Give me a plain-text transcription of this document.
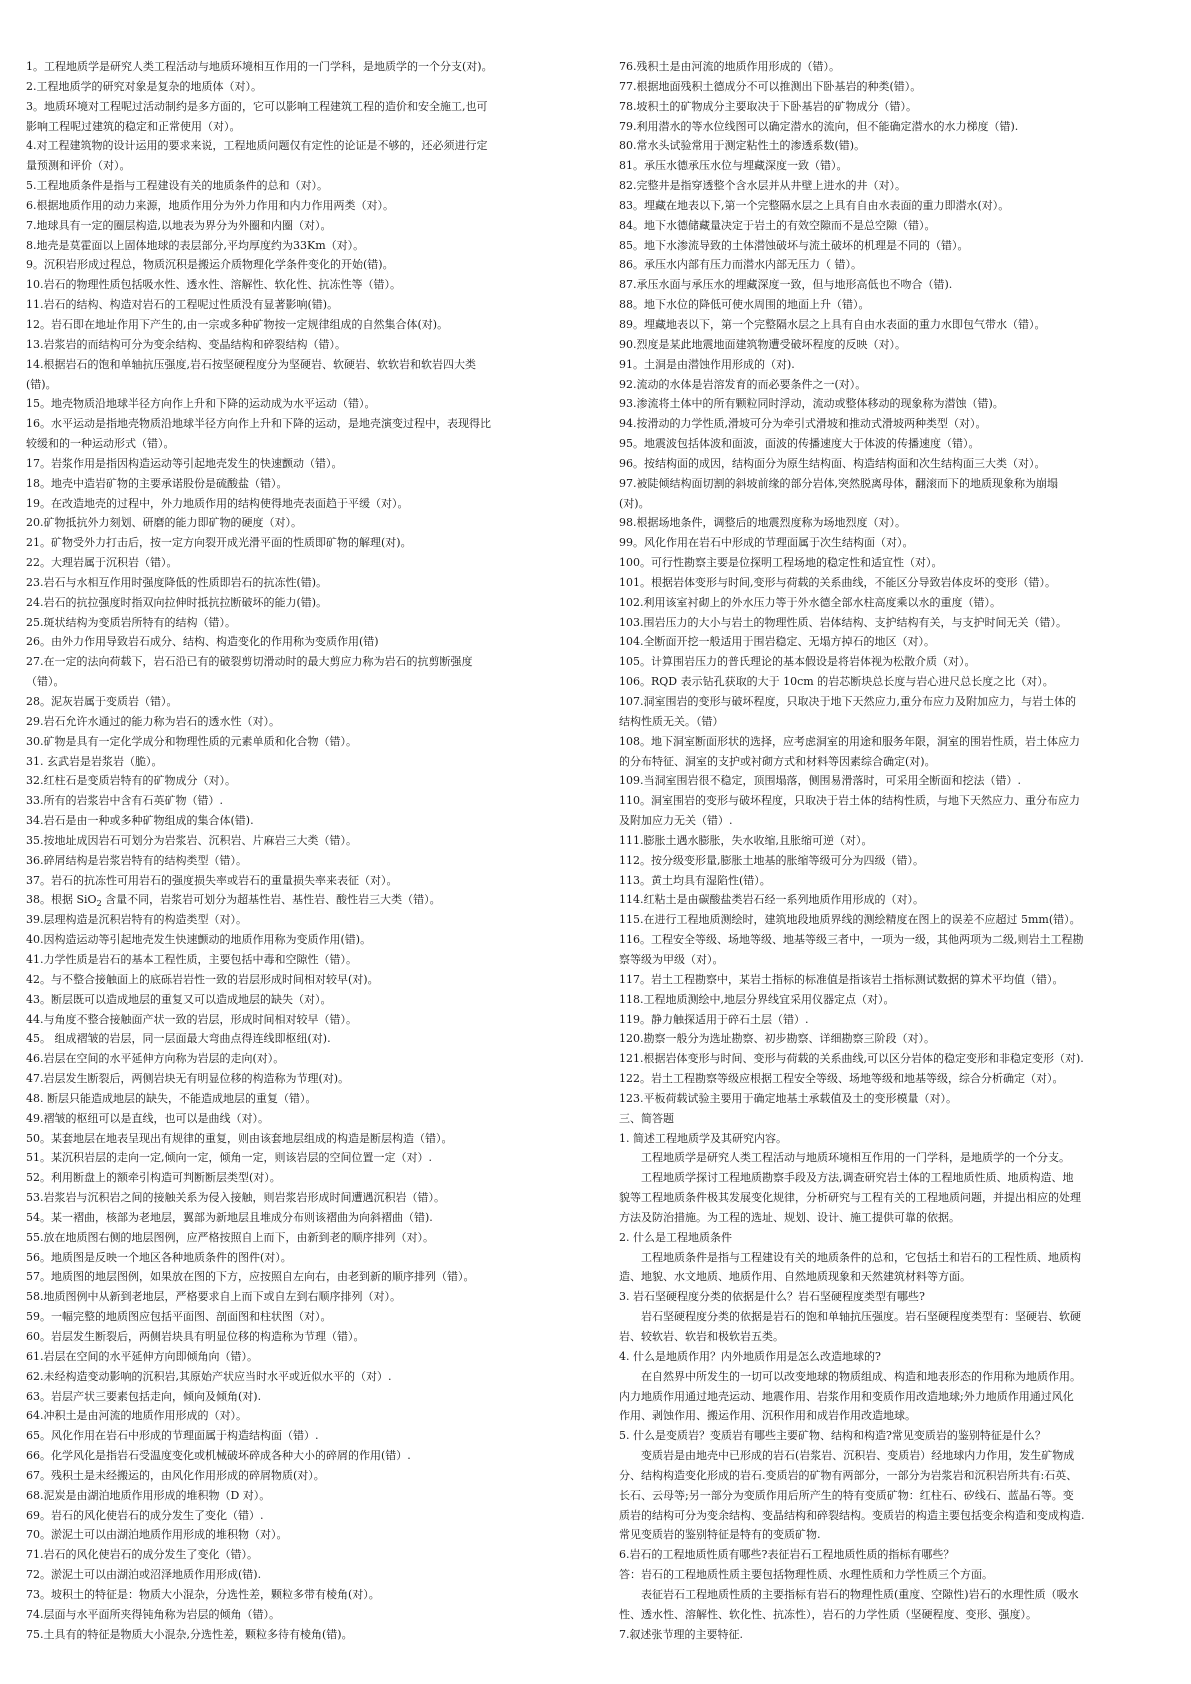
1。工程地质学是研究人类工程活动与地质环境相互作用的一门学科，是地质学的一个分支(对)。
2.工程地质学的研究对象是复杂的地质体（对）。
3。地质环境对工程呢过活动制约是多方面的，它可以影响工程建筑工程的造价和安全施工,也可
影响工程呢过建筑的稳定和正常使用（对）。
4.对工程建筑物的设计运用的要求来说，工程地质问题仅有定性的论证是不够的，还必须进行定
量预测和评价（对）。
5.工程地质条件是指与工程建设有关的地质条件的总和（对）。
6.根据地质作用的动力来源，地质作用分为外力作用和内力作用两类（对）。
7.地球具有一定的圈层构造,以地表为界分为外圈和内圈（对）。
8.地壳是莫霍面以上固体地球的表层部分,平均厚度约为33Km（对）。
9。沉积岩形成过程总，物质沉积是搬运介质物理化学条件变化的开始(错)。
10.岩石的物理性质包括吸水性、透水性、溶解性、软化性、抗冻性等（错）。
11.岩石的结构、构造对岩石的工程呢过性质没有显著影响(错)。
12。岩石即在地址作用下产生的,由一宗或多种矿物按一定规律组成的自然集合体(对)。
13.岩浆岩的而结构可分为变余结构、变晶结构和碎裂结构（错）。
14.根据岩石的饱和单轴抗压强度,岩石按坚硬程度分为坚硬岩、软硬岩、软软岩和软岩四大类
(错)。
15。地壳物质沿地球半径方向作上升和下降的运动成为水平运动（错）。
16。水平运动是指地壳物质沿地球半径方向作上升和下降的运动，是地壳演变过程中，表现得比
较缓和的一种运动形式（错）。
17。岩浆作用是指因构造运动等引起地壳发生的快速颤动（错）。
18。地壳中造岩矿物的主要承诺股份是硫酸盐（错）。
19。在改造地壳的过程中，外力地质作用的结构使得地壳表面趋于平缓（对）。
20.矿物抵抗外力刻划、研磨的能力即矿物的硬度（对）。
21。矿物受外力打击后，按一定方向裂开成光滑平面的性质即矿物的解理(对)。
22。大理岩属于沉积岩（错）。
23.岩石与水相互作用时强度降低的性质即岩石的抗冻性(错)。
24.岩石的抗拉强度时指双向拉伸时抵抗拉断破坏的能力(错)。
25.斑状结构为变质岩所特有的结构（错）。
26。由外力作用导致岩石成分、结构、构造变化的作用称为变质作用(错)
27.在一定的法向荷载下，岩石沿已有的破裂剪切滑动时的最大剪应力称为岩石的抗剪断强度
（错）。
28。泥灰岩属于变质岩（错）。
29.岩石允许水通过的能力称为岩石的透水性（对）。
30.矿物是具有一定化学成分和物理性质的元素单质和化合物（错）。
31. 玄武岩是岩浆岩（脆）。
32.红柱石是变质岩特有的矿物成分（对）。
33.所有的岩浆岩中含有石英矿物（错）.
34.岩石是由一种或多种矿物组成的集合体(错).
35.按地址成因岩石可划分为岩浆岩、沉积岩、片麻岩三大类（错）。
36.碎屑结构是岩浆岩特有的结构类型（错）。
37。岩石的抗冻性可用岩石的强度损失率或岩石的重量损失率来表征（对）。
38。根据 SiO$_2$ 含量不同，岩浆岩可划分为超基性岩、基性岩、酸性岩三大类（错）。
39.层理构造是沉积岩特有的构造类型（对）。
40.因构造运动等引起地壳发生快速颤动的地质作用称为变质作用(错)。
41.力学性质是岩石的基本工程性质，主要包括中毒和空隙性（错）。
42。与不整合接触面上的底砾岩岩性一致的岩层形成时间相对较早(对)。
43。断层既可以造成地层的重复又可以造成地层的缺失（对）。
44.与角度不整合接触面产状一致的岩层，形成时间相对较早（错）。
45。 组成褶皱的岩层，同一层面最大弯曲点得连线即枢纽(对).
46.岩层在空间的水平延伸方向称为岩层的走向(对）。
47.岩层发生断裂后，两侧岩块无有明显位移的构造称为节理(对)。
48. 断层只能造成地层的缺失，不能造成地层的重复（错）。
49.褶皱的枢纽可以是直线，也可以是曲线（对）。
50。某套地层在地表呈现出有规律的重复，则由该套地层组成的构造是断层构造（错）。
51。某沉积岩层的走向一定,倾向一定，倾角一定，则该岩层的空间位置一定（对）.
52。利用断盘上的额牵引构造可判断断层类型(对）。
53.岩浆岩与沉积岩之间的接触关系为侵入接触，则岩浆岩形成时间遭遇沉积岩（错）。
54。某一褶曲，核部为老地层，翼部为新地层且堆成分布则该褶曲为向斜褶曲（错).
55.放在地质图右侧的地层图例，应严格按照自上而下，由新到老的顺序排列（对）。
56。地质图是反映一个地区各种地质条件的图件(对）。
57。地质图的地层图例，如果放在图的下方，应按照自左向右，由老到新的顺序排列（错）。
58.地质图例中从新到老地层，严格要求自上而下或自左到右顺序排列（对）。
59。一幅完整的地质图应包括平面图、剖面图和柱状图（对）。
60。岩层发生断裂后，两侧岩块具有明显位移的构造称为节理（错）。
61.岩层在空间的水平延伸方向即倾角向（错）。
62.未经构造变动影响的沉积岩,其原始产状应当时水平或近似水平的（对）.
63。岩层产状三要素包括走向，倾向及倾角(对).
64.冲积土是由河流的地质作用形成的（对）。
65。风化作用在岩石中形成的节理面属于构造结构面（错）.
66。化学风化是指岩石受温度变化或机械破坏碎成各种大小的碎屑的作用(错）.
67。残积土是未经搬运的，由风化作用形成的碎屑物质(对）。
68.泥炭是由湖泊地质作用形成的堆积物（D 对）。
69。岩石的风化使岩石的成分发生了变化（错）.
70。淤泥土可以由湖泊地质作用形成的堆积物（对）。
71.岩石的风化使岩石的成分发生了变化（错）。
72。淤泥土可以由湖泊或沼泽地质作用形成(错).
73。坡积土的特征是：物质大小混杂，分选性差，颗粒多带有棱角(对）。
74.层面与水平面所夹得钝角称为岩层的倾角（错）。
75.土具有的特征是物质大小混杂,分选性差，颗粒多待有棱角(错)。
76.残积土是由河流的地质作用形成的（错）。
77.根据地面残积土德成分不可以推测出下卧基岩的种类(错）。
78.坡积土的矿物成分主要取决于下卧基岩的矿物成分（错）。
79.利用潜水的等水位线图可以确定潜水的流向，但不能确定潜水的水力梯度（错).
80.常水头试验常用于测定粘性土的渗透系数(错)。
81。承压水德承压水位与埋藏深度一致（错）。
82.完整井是指穿透整个含水层并从井壁上进水的井（对）。
83。埋藏在地表以下,第一个完整隔水层之上具有自由水表面的重力即潜水(对）。
84。地下水德储藏量决定于岩土的有效空隙而不是总空隙（错）。
85。地下水渗流导致的土体潜蚀破坏与流土破坏的机理是不同的（错）。
86。承压水内部有压力而潜水内部无压力（ 错）。
87.承压水面与承压水的埋藏深度一致，但与地形高低也不吻合（错).
88。地下水位的降低可使水周围的地面上升（错）。
89。埋藏地表以下，第一个完整隔水层之上具有自由水表面的重力水即包气带水（错）。
90.烈度是某此地震地面建筑物遭受破坏程度的反映（对）。
91。土洞是由潜蚀作用形成的（对).
92.流动的水体是岩溶发育的而必要条件之一(对）。
93.渗流将土体中的所有颗粒同时浮动，流动或整体移动的现象称为潜蚀（错)。
94.按滑动的力学性质,滑坡可分为牵引式滑坡和推动式滑坡两种类型（对）。
95。地震波包括体波和面波，面波的传播速度大于体波的传播速度（错）。
96。按结构面的成因，结构面分为原生结构面、构造结构面和次生结构面三大类（对）。
97.被陡倾结构面切割的斜坡前缘的部分岩体,突然脱离母体，翻滚而下的地质现象称为崩塌
(对)。
98.根据场地条件，调整后的地震烈度称为场地烈度（对）。
99。风化作用在岩石中形成的节理面属于次生结构面（对）。
100。可行性勘察主要是位探明工程场地的稳定性和适宜性（对）。
101。根据岩体变形与时间,变形与荷载的关系曲线，不能区分导致岩体皮坏的变形（错）。
102.利用该室衬砌上的外水压力等于外水德全部水柱高度乘以水的重度（错）。
103.围岩压力的大小与岩土的物理性质、岩体结构、支护结构有关，与支护时间无关（错）。
104.全断面开挖一般适用于围岩稳定、无塌方掉石的地区（对）。
105。计算围岩压力的普氏理论的基本假设是将岩体视为松散介质（对）。
106。RQD 表示钻孔获取的大于 10cm 的岩芯断块总长度与岩心进尺总长度之比（对）。
107.洞室围岩的变形与破坏程度，只取决于地下天然应力,重分布应力及附加应力，与岩土体的
结构性质无关。（错）
108。地下洞室断面形状的选择，应考虑洞室的用途和服务年限，洞室的围岩性质，岩土体应力
的分布特征、洞室的支护或衬砌方式和材料等因素综合确定(对)。
109.当洞室围岩很不稳定，顶围塌落，侧围易滑落时，可采用全断面和挖法（错）.
110。洞室围岩的变形与破坏程度，只取决于岩土体的结构性质，与地下天然应力、重分布应力
及附加应力无关（错）.
111.膨胀土遇水膨胀，失水收缩,且胀缩可逆（对）。
112。按分级变形量,膨胀土地基的胀缩等级可分为四级（错）。
113。黄土均具有湿陷性(错）。
114.红粘土是由碳酸盐类岩石经一系列地质作用形成的（对）。
115.在进行工程地质测绘时，建筑地段地质界线的测绘精度在图上的误差不应超过 5mm(错）。
116。工程安全等级、场地等级、地基等级三者中，一项为一级，其他两项为二级,则岩土工程勘
察等级为甲级（对）。
117。岩土工程勘察中，某岩土指标的标准值是指该岩土指标测试数据的算术平均值（错）。
118.工程地质测绘中,地层分界线宜采用仪器定点（对）。
119。静力触探适用于碎石土层（错）.
120.勘察一般分为选址勘察、初步勘察、详细勘察三阶段（对）。
121.根据岩体变形与时间、变形与荷载的关系曲线,可以区分岩体的稳定变形和非稳定变形（对).
122。岩土工程勘察等级应根据工程安全等级、场地等级和地基等级，综合分析确定（对）。
123.平板荷载试验主要用于确定地基土承载值及土的变形模量（对）。
三、简答题
1. 简述工程地质学及其研究内容。
工程地质学是研究人类工程活动与地质环境相互作用的一门学科，是地质学的一个分支。
工程地质学探讨工程地质勘察手段及方法,调查研究岩土体的工程地质性质、地质构造、地
貌等工程地质条件极其发展变化规律，分析研究与工程有关的工程地质问题，并提出相应的处理
方法及防治措施。为工程的选址、规划、设计、施工提供可靠的依据。
2. 什么是工程地质条件
工程地质条件是指与工程建设有关的地质条件的总和，它包括土和岩石的工程性质、地质构
造、地貌、水文地质、地质作用、自然地质现象和天然建筑材料等方面。
3. 岩石坚硬程度分类的依据是什么？岩石坚硬程度类型有哪些?
岩石坚硬程度分类的依据是岩石的饱和单轴抗压强度。岩石坚硬程度类型有：坚硬岩、软硬
岩、较软岩、软岩和极软岩五类。
4. 什么是地质作用？内外地质作用是怎么改造地球的?
在自然界中所发生的一切可以改变地球的物质组成、构造和地表形态的作用称为地质作用。
内力地质作用通过地壳运动、地震作用、岩浆作用和变质作用改造地球;外力地质作用通过风化
作用、剥蚀作用、搬运作用、沉积作用和成岩作用改造地球。
5. 什么是变质岩？变质岩有哪些主要矿物、结构和构造?常见变质岩的鉴别特征是什么？
变质岩是由地壳中已形成的岩石(岩浆岩、沉积岩、变质岩）经地球内力作用，发生矿物成
分、结构构造变化形成的岩石.变质岩的矿物有两部分，一部分为岩浆岩和沉积岩所共有:石英、
长石、云母等;另一部分为变质作用后所产生的特有变质矿物：红柱石、矽线石、蓝晶石等。变
质岩的结构可分为变余结构、变晶结构和碎裂结构。变质岩的构造主要包括变余构造和变成构造.
常见变质岩的鉴别特征是特有的变质矿物.
6.岩石的工程地质性质有哪些?表征岩石工程地质性质的指标有哪些？
答：岩石的工程地质性质主要包括物理性质、水理性质和力学性质三个方面。
表征岩石工程地质性质的主要指标有岩石的物理性质(重度、空隙性)岩石的水理性质（吸水
性、透水性、溶解性、软化性、抗冻性），岩石的力学性质（坚硬程度、变形、强度）。
7.叙述张节理的主要特征.
